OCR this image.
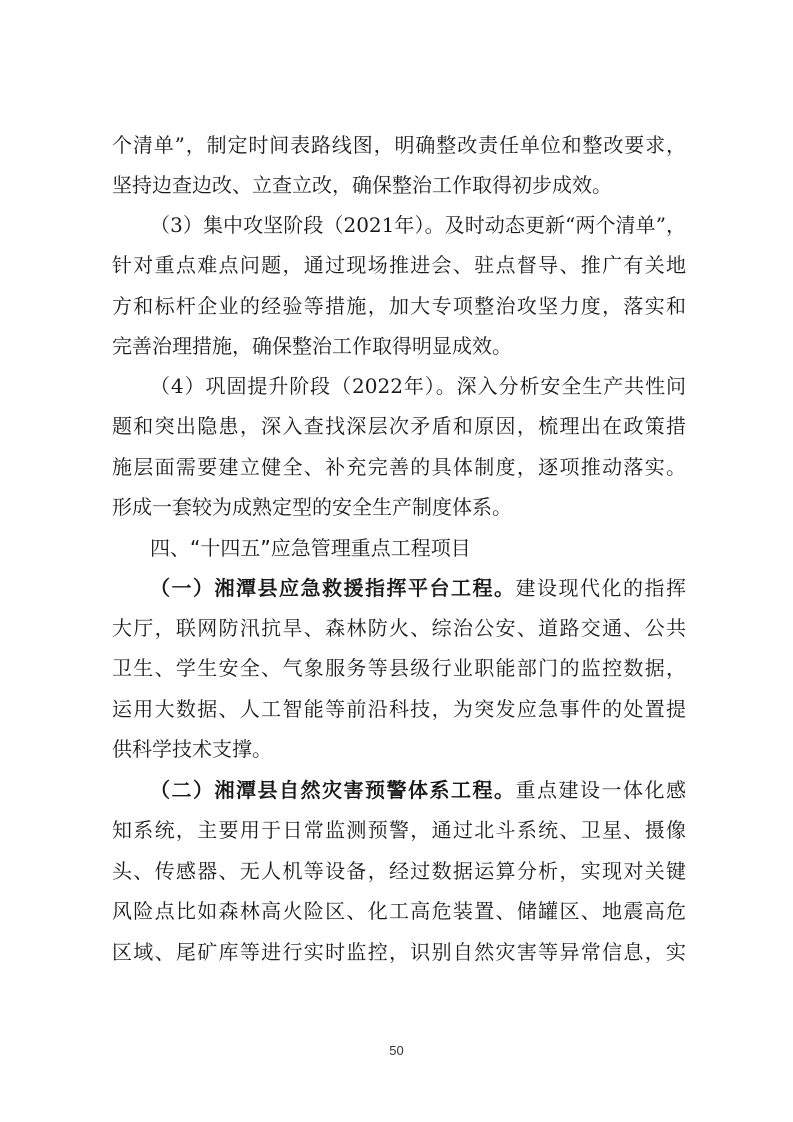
个清单”，制定时间表路线图，明确整改责任单位和整改要求，
坚持边查边改、立查立改，确保整治工作取得初步成效。
（3）集中攻坚阶段（2021年）。及时动态更新“两个清单”，
针对重点难点问题，通过现场推进会、驻点督导、推广有关地
方和标杆企业的经验等措施，加大专项整治攻坚力度，落实和
完善治理措施，确保整治工作取得明显成效。
（4）巩固提升阶段（2022年）。深入分析安全生产共性问
题和突出隐患，深入查找深层次矛盾和原因，梳理出在政策措
施层面需要建立健全、补充完善的具体制度，逐项推动落实。
形成一套较为成熟定型的安全生产制度体系。
四、“十四五”应急管理重点工程项目
（一）湘潭县应急救援指挥平台工程。建设现代化的指挥
大厅，联网防汛抗旱、森林防火、综治公安、道路交通、公共
卫生、学生安全、气象服务等县级行业职能部门的监控数据，
运用大数据、人工智能等前沿科技，为突发应急事件的处置提
供科学技术支撑。
（二）湘潭县自然灾害预警体系工程。重点建设一体化感
知系统，主要用于日常监测预警，通过北斗系统、卫星、摄像
头、传感器、无人机等设备，经过数据运算分析，实现对关键
风险点比如森林高火险区、化工高危装置、储罐区、地震高危
区域、尾矿库等进行实时监控，识别自然灾害等异常信息，实
50
